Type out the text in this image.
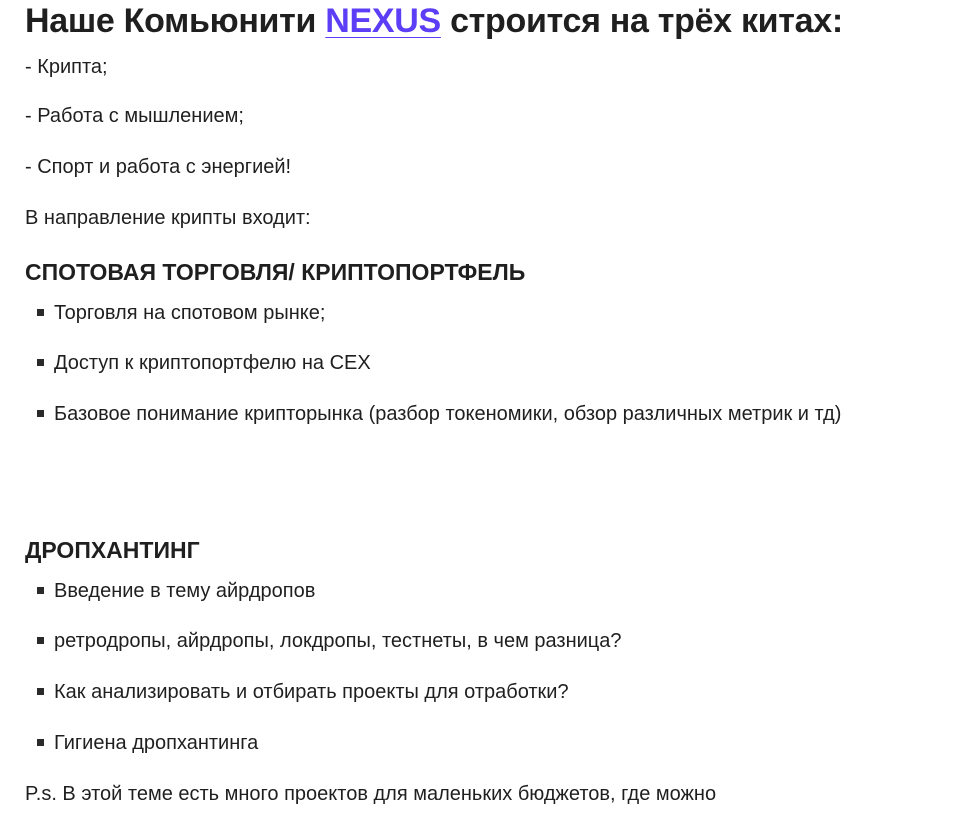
Наше Комьюнити NEXUS строится на трёх китах:
- Крипта;
- Работа с мышлением;
- Спорт и работа с энергией!
В направление крипты входит:
СПОТОВАЯ ТОРГОВЛЯ/ КРИПТОПОРТФЕЛЬ
Торговля на спотовом рынке;
Доступ к криптопортфелю на CEX
Базовое понимание крипторынка (разбор токеномики, обзор различных метрик и тд)
ДРОПХАНТИНГ
Введение в тему айрдропов
ретродропы, айрдропы, локдропы, тестнеты, в чем разница?
Как анализировать и отбирать проекты для отработки?
Гигиена дропхантинга
P.s. В этой теме есть много проектов для маленьких бюджетов, где можно
